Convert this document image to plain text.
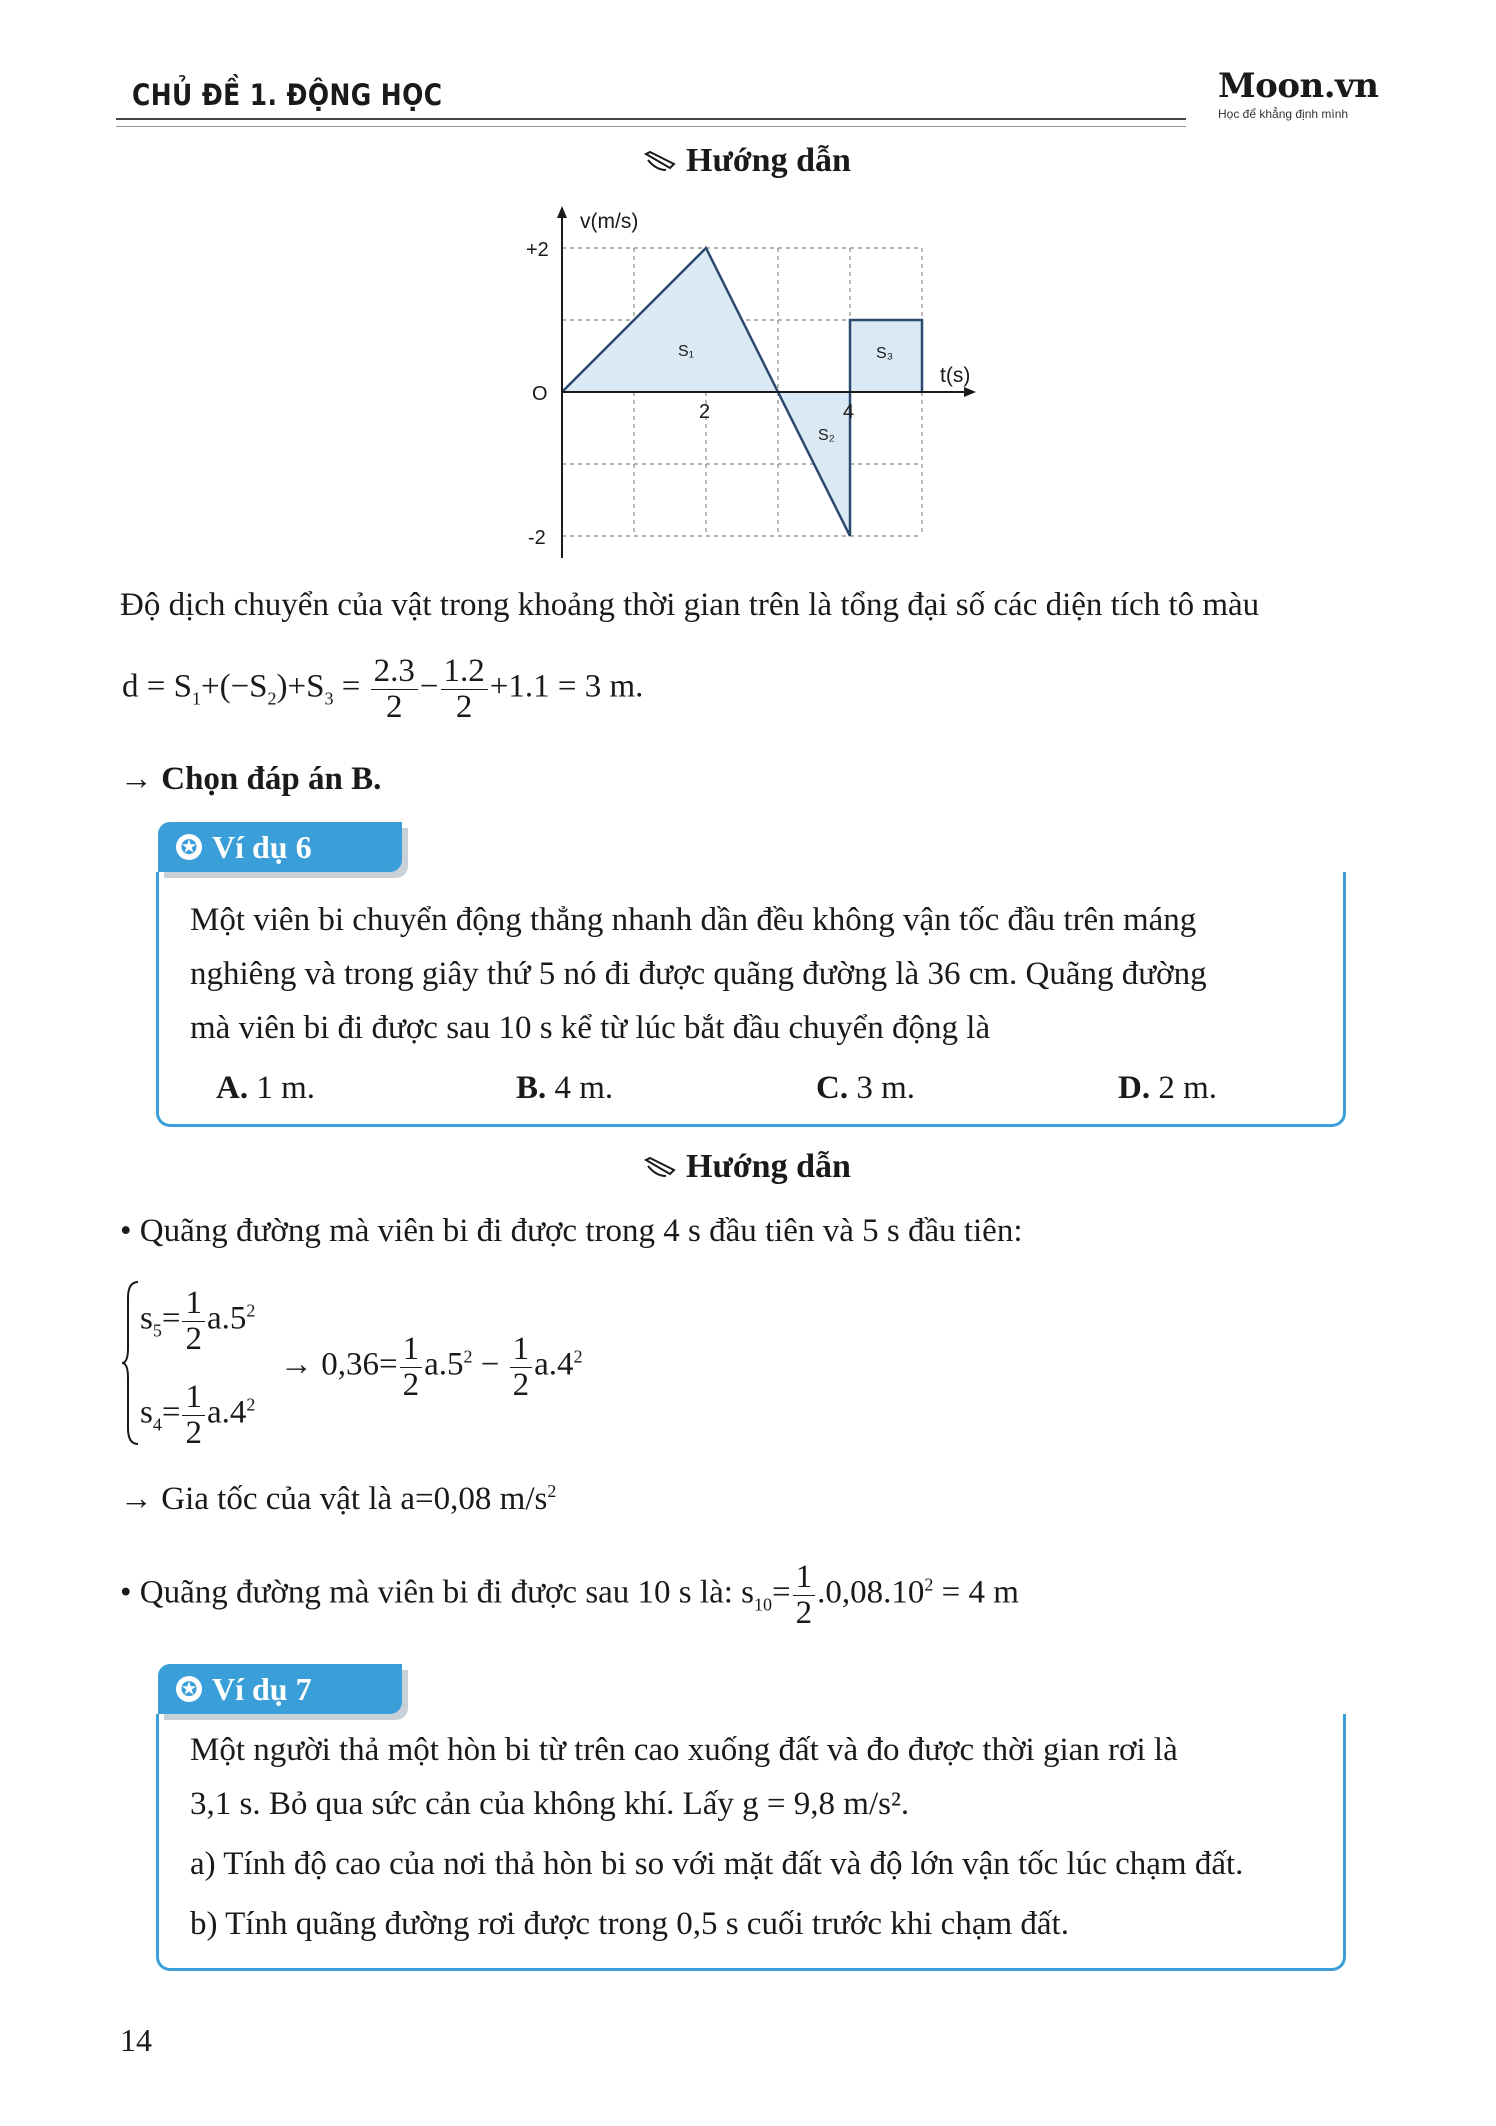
CHỦ ĐỀ 1. ĐỘNG HỌC	Moon.vn
Học để khẳng định mình
Hướng dẫn
v(m/s)
t(s)
+2
-2
O
2	4
S₁
S₂
S₃
Độ dịch chuyển của vật trong khoảng thời gian trên là tổng đại số các diện tích tô màu
$d = S_1+(-S_2)+S_3 = \frac{2.3}{2} - \frac{1.2}{2} +1.1 = 3$ m.
→ Chọn đáp án B.
✪ Ví dụ 6
Một viên bi chuyển động thẳng nhanh dần đều không vận tốc đầu trên máng
nghiêng và trong giây thứ 5 nó đi được quãng đường là 36 cm. Quãng đường
mà viên bi đi được sau 10 s kể từ lúc bắt đầu chuyển động là
A. 1 m.	B. 4 m.	C. 3 m.	D. 2 m.
Hướng dẫn
• Quãng đường mà viên bi đi được trong 4 s đầu tiên và 5 s đầu tiên:
$s_5= \frac{1}{2} a.5^2$
$s_4= \frac{1}{2} a.4^2$
→ $0,36= \frac{1}{2} a.5^2 - \frac{1}{2} a.4^2$
→ Gia tốc của vật là a=0,08 $m/s^2$
• Quãng đường mà viên bi đi được sau 10 s là: $s_{10}= \frac{1}{2} .0,08.10^2 = 4$ m
✪ Ví dụ 7
Một người thả một hòn bi từ trên cao xuống đất và đo được thời gian rơi là
3,1 s. Bỏ qua sức cản của không khí. Lấy g = 9,8 m/s².
a) Tính độ cao của nơi thả hòn bi so với mặt đất và độ lớn vận tốc lúc chạm đất.
b) Tính quãng đường rơi được trong 0,5 s cuối trước khi chạm đất.
14
